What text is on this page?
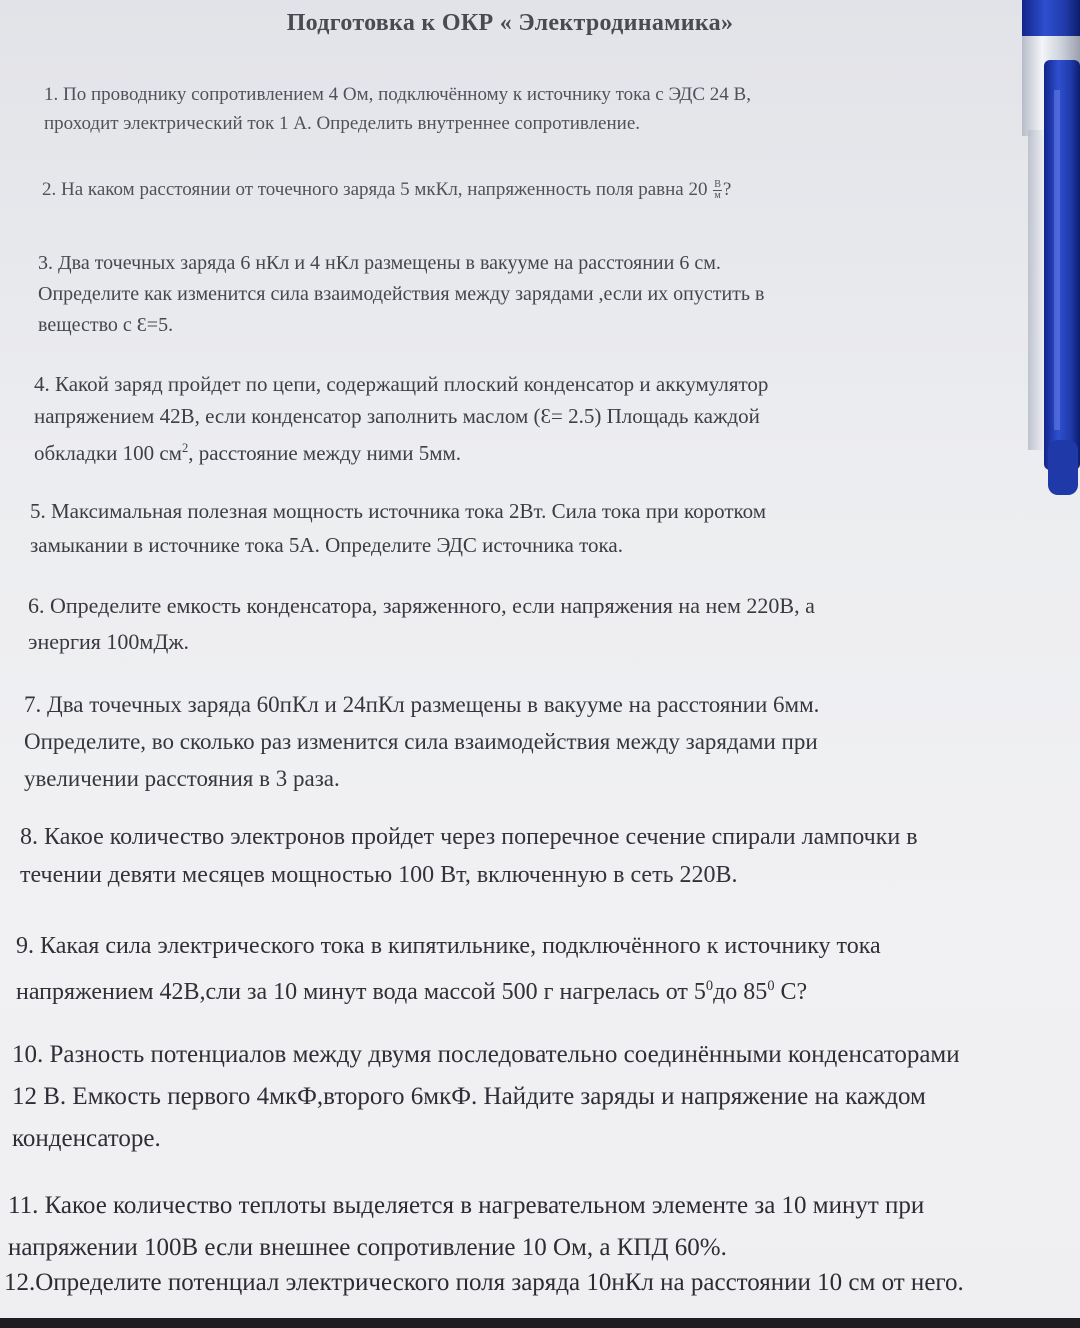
Подготовка к ОКР « Электродинамика»

1. По проводнику сопротивлением 4 Ом, подключённому к источнику тока с ЭДС 24 В,
проходит электрический ток 1 А. Определить внутреннее сопротивление.

2. На каком расстоянии от точечного заряда 5 мкКл, напряженность поля равна $20 \frac{В}{м}$ ?

3. Два точечных заряда 6 нКл и 4 нКл размещены в вакууме на расстоянии 6 см.
Определите как изменится сила взаимодействия между зарядами ,если их опустить в
вещество с Ɛ=5.

4. Какой заряд пройдет по цепи, содержащий плоский конденсатор и аккумулятор
напряжением 42В, если конденсатор заполнить маслом (Ɛ= 2.5) Площадь каждой
обкладки 100 $см^2$, расстояние между ними 5мм.

5. Максимальная полезная мощность источника тока 2Вт. Сила тока при коротком
замыкании в источнике тока 5А. Определите ЭДС источника тока.

6. Определите емкость конденсатора, заряженного, если напряжения на нем 220В, а
энергия 100мДж.

7. Два точечных заряда 60пКл и 24пКл размещены в вакууме на расстоянии 6мм.
Определите, во сколько раз изменится сила взаимодействия между зарядами при
увеличении расстояния в 3 раза.

8. Какое количество электронов пройдет через поперечное сечение спирали лампочки в
течении девяти месяцев мощностью 100 Вт, включенную в сеть 220В.

9. Какая сила электрического тока в кипятильнике, подключённого к источнику тока
напряжением 42В,сли за 10 минут вода массой 500 г нагрелась от $5^0до$ $85^0$ С?

10. Разность потенциалов между двумя последовательно соединёнными конденсаторами
12 В. Емкость первого 4мкФ,второго 6мкФ. Найдите заряды и напряжение на каждом
конденсаторе.

11. Какое количество теплоты выделяется в нагревательном элементе за 10 минут при
напряжении 100В если внешнее сопротивление 10 Ом, а КПД 60%.

12.Определите потенциал электрического поля заряда 10нКл на расстоянии 10 см от него.
